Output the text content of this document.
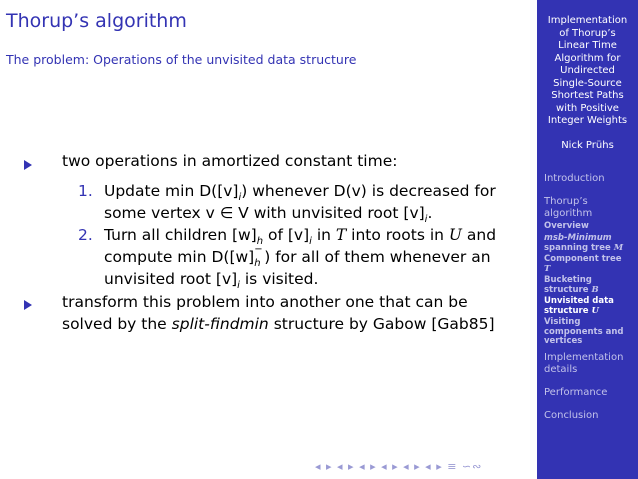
Thorup’s algorithm
The problem: Operations of the unvisited data structure
two operations in amortized constant time:
1. Update $\min D([v]_i)$ whenever D(v) is decreased for
some vertex v ∈ V with unvisited root $[v]_i$.
2. Turn all children $[w]_h$ of $[v]_i$ in T into roots in U and
compute min D([w] −
h ) for all of them whenever an
unvisited root $[v]_i$ is visited.
transform this problem into another one that can be
solved by the split-findmin structure by Gabow [Gab85]
◂ ▸ ◂ ▸ ◂ ▸ ◂ ▸ ◂ ▸ ◂ ▸ ≡ ∽∾
Implementation
of Thorup’s
Linear Time
Algorithm for
Undirected
Single-Source
Shortest Paths
with Positive
Integer Weights
Nick Prühs
Introduction
Thorup’s
algorithm
Overview
msb-Minimum
spanning tree M
Component tree
T
Bucketing
structure B
Unvisited data
structure U
Visiting
components and
vertices
Implementation
details
Performance
Conclusion
